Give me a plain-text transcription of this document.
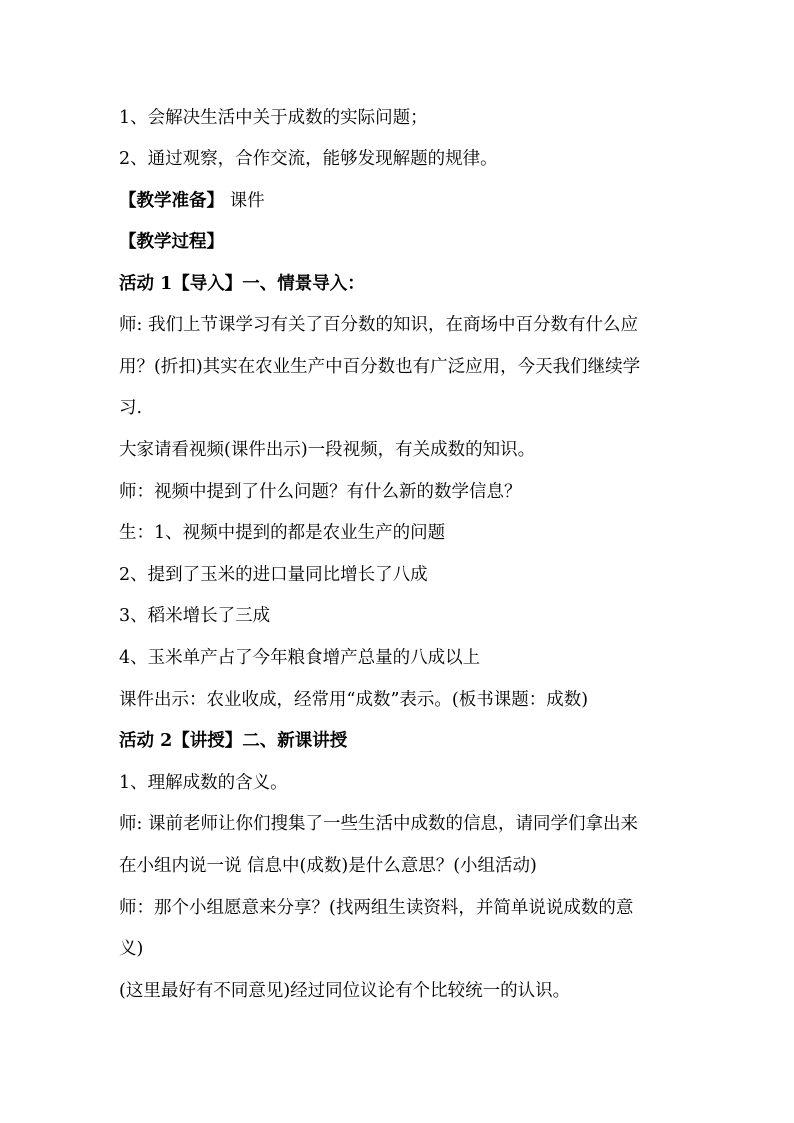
1、会解决生活中关于成数的实际问题；
2、通过观察，合作交流，能够发现解题的规律。
【教学准备】 课件
【教学过程】
活动 1【导入】一、情景导入：
师: 我们上节课学习有关了百分数的知识，在商场中百分数有什么应
用？(折扣)其实在农业生产中百分数也有广泛应用，今天我们继续学
习.
大家请看视频(课件出示)一段视频，有关成数的知识。
师：视频中提到了什么问题？有什么新的数学信息？
生：1、视频中提到的都是农业生产的问题
2、提到了玉米的进口量同比增长了八成
3、稻米增长了三成
4、玉米单产占了今年粮食增产总量的八成以上
课件出示：农业收成，经常用“成数”表示。(板书课题：成数)
活动 2【讲授】二、新课讲授
1、理解成数的含义。
师: 课前老师让你们搜集了一些生活中成数的信息，请同学们拿出来
在小组内说一说 信息中(成数)是什么意思？(小组活动)
师：那个小组愿意来分享？(找两组生读资料，并简单说说成数的意
义)
(这里最好有不同意见)经过同位议论有个比较统一的认识。
